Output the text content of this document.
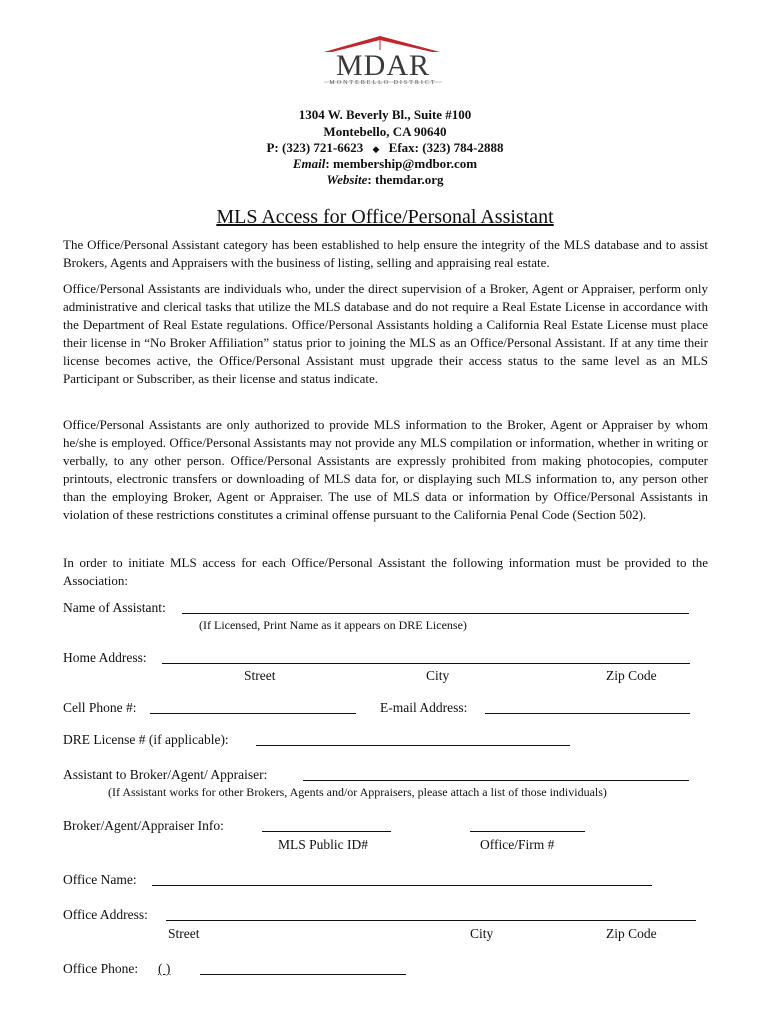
MDAR
MONTEBELLO DISTRICT
1304 W. Beverly Bl., Suite #100
Montebello, CA 90640
P: (323) 721-6623 ◆ Efax: (323) 784-2888
Email: membership@mdbor.com
Website: themdar.org
MLS Access for Office/Personal Assistant
The Office/Personal Assistant category has been established to help ensure the integrity of the MLS database and to assist Brokers, Agents and Appraisers with the business of listing, selling and appraising real estate.
Office/Personal Assistants are individuals who, under the direct supervision of a Broker, Agent or Appraiser, perform only administrative and clerical tasks that utilize the MLS database and do not require a Real Estate License in accordance with the Department of Real Estate regulations. Office/Personal Assistants holding a California Real Estate License must place their license in “No Broker Affiliation” status prior to joining the MLS as an Office/Personal Assistant. If at any time their license becomes active, the Office/Personal Assistant must upgrade their access status to the same level as an MLS Participant or Subscriber, as their license and status indicate.
Office/Personal Assistants are only authorized to provide MLS information to the Broker, Agent or Appraiser by whom he/she is employed. Office/Personal Assistants may not provide any MLS compilation or information, whether in writing or verbally, to any other person. Office/Personal Assistants are expressly prohibited from making photocopies, computer printouts, electronic transfers or downloading of MLS data for, or displaying such MLS information to, any person other than the employing Broker, Agent or Appraiser. The use of MLS data or information by Office/Personal Assistants in violation of these restrictions constitutes a criminal offense pursuant to the California Penal Code (Section 502).
In order to initiate MLS access for each Office/Personal Assistant the following information must be provided to the Association:
Name of Assistant:
(If Licensed, Print Name as it appears on DRE License)
Home Address:
Street	City	Zip Code
Cell Phone #:	E-mail Address:
DRE License # (if applicable):
Assistant to Broker/Agent/ Appraiser:
(If Assistant works for other Brokers, Agents and/or Appraisers, please attach a list of those individuals)
Broker/Agent/Appraiser Info:
MLS Public ID#	Office/Firm #
Office Name:
Office Address:
Street	City	Zip Code
Office Phone: ( )
